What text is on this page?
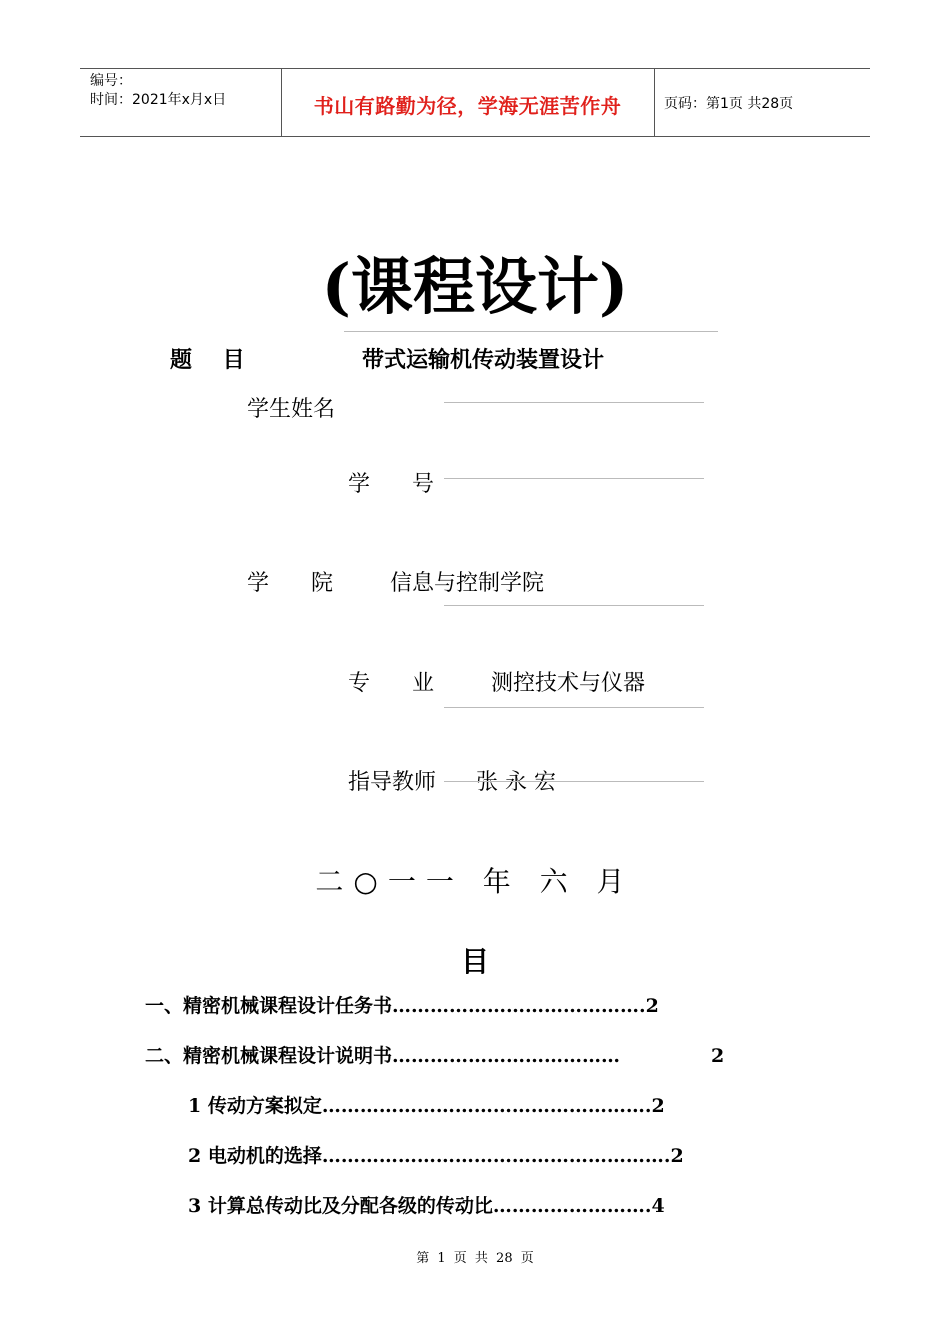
编号：
时间：2021年x月x日	书山有路勤为径，学海无涯苦作舟	页码：第1页 共28页
(课程设计)
题    目	带式运输机传动装置设计
学生姓名
学      号
学      院	信息与控制学院
专      业	测控技术与仪器
指导教师 张 永 宏
二○一一 年 六 月
目
一、精密机械课程设计任务书………………………………….2
二、精密机械课程设计说明书………………………………	2
1 传动方案拟定…………………………………………….2
2 电动机的选择……………………………………………….2
3 计算总传动比及分配各级的传动比…………………….4
第 1 页 共 28 页
